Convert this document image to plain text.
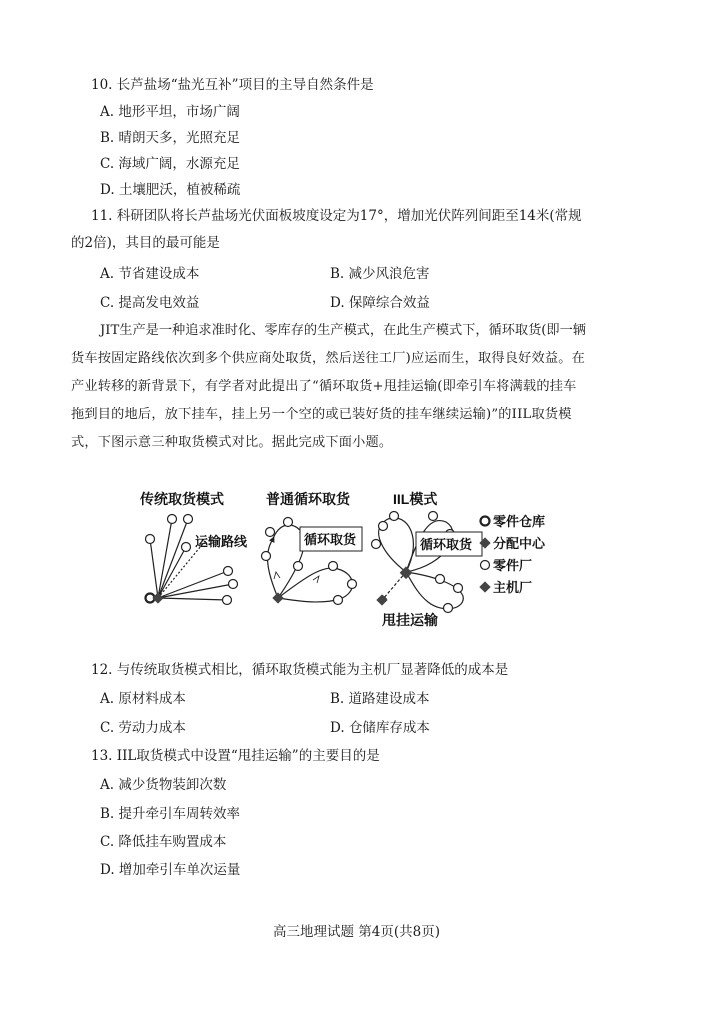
10. 长芦盐场“盐光互补”项目的主导自然条件是
A. 地形平坦，市场广阔
B. 晴朗天多，光照充足
C. 海域广阔，水源充足
D. 土壤肥沃，植被稀疏
11. 科研团队将长芦盐场光伏面板坡度设定为17°，增加光伏阵列间距至14米(常规
的2倍)，其目的最可能是
A. 节省建设成本	B. 减少风浪危害
C. 提高发电效益	D. 保障综合效益
JIT生产是一种追求准时化、零库存的生产模式，在此生产模式下，循环取货(即一辆
货车按固定路线依次到多个供应商处取货，然后送往工厂)应运而生，取得良好效益。在
产业转移的新背景下，有学者对此提出了“循环取货+甩挂运输(即牵引车将满载的挂车
拖到目的地后，放下挂车，挂上另一个空的或已装好货的挂车继续运输)”的IIL取货模
式，下图示意三种取货模式对比。据此完成下面小题。
传统取货模式	普通循环取货	IIL模式
运输路线	循环取货	循环取货
甩挂运输
零件仓库
分配中心
零件厂
主机厂
12. 与传统取货模式相比，循环取货模式能为主机厂显著降低的成本是
A. 原材料成本	B. 道路建设成本
C. 劳动力成本	D. 仓储库存成本
13. IIL取货模式中设置“甩挂运输”的主要目的是
A. 减少货物装卸次数
B. 提升牵引车周转效率
C. 降低挂车购置成本
D. 增加牵引车单次运量
高三地理试题 第4页(共8页)
